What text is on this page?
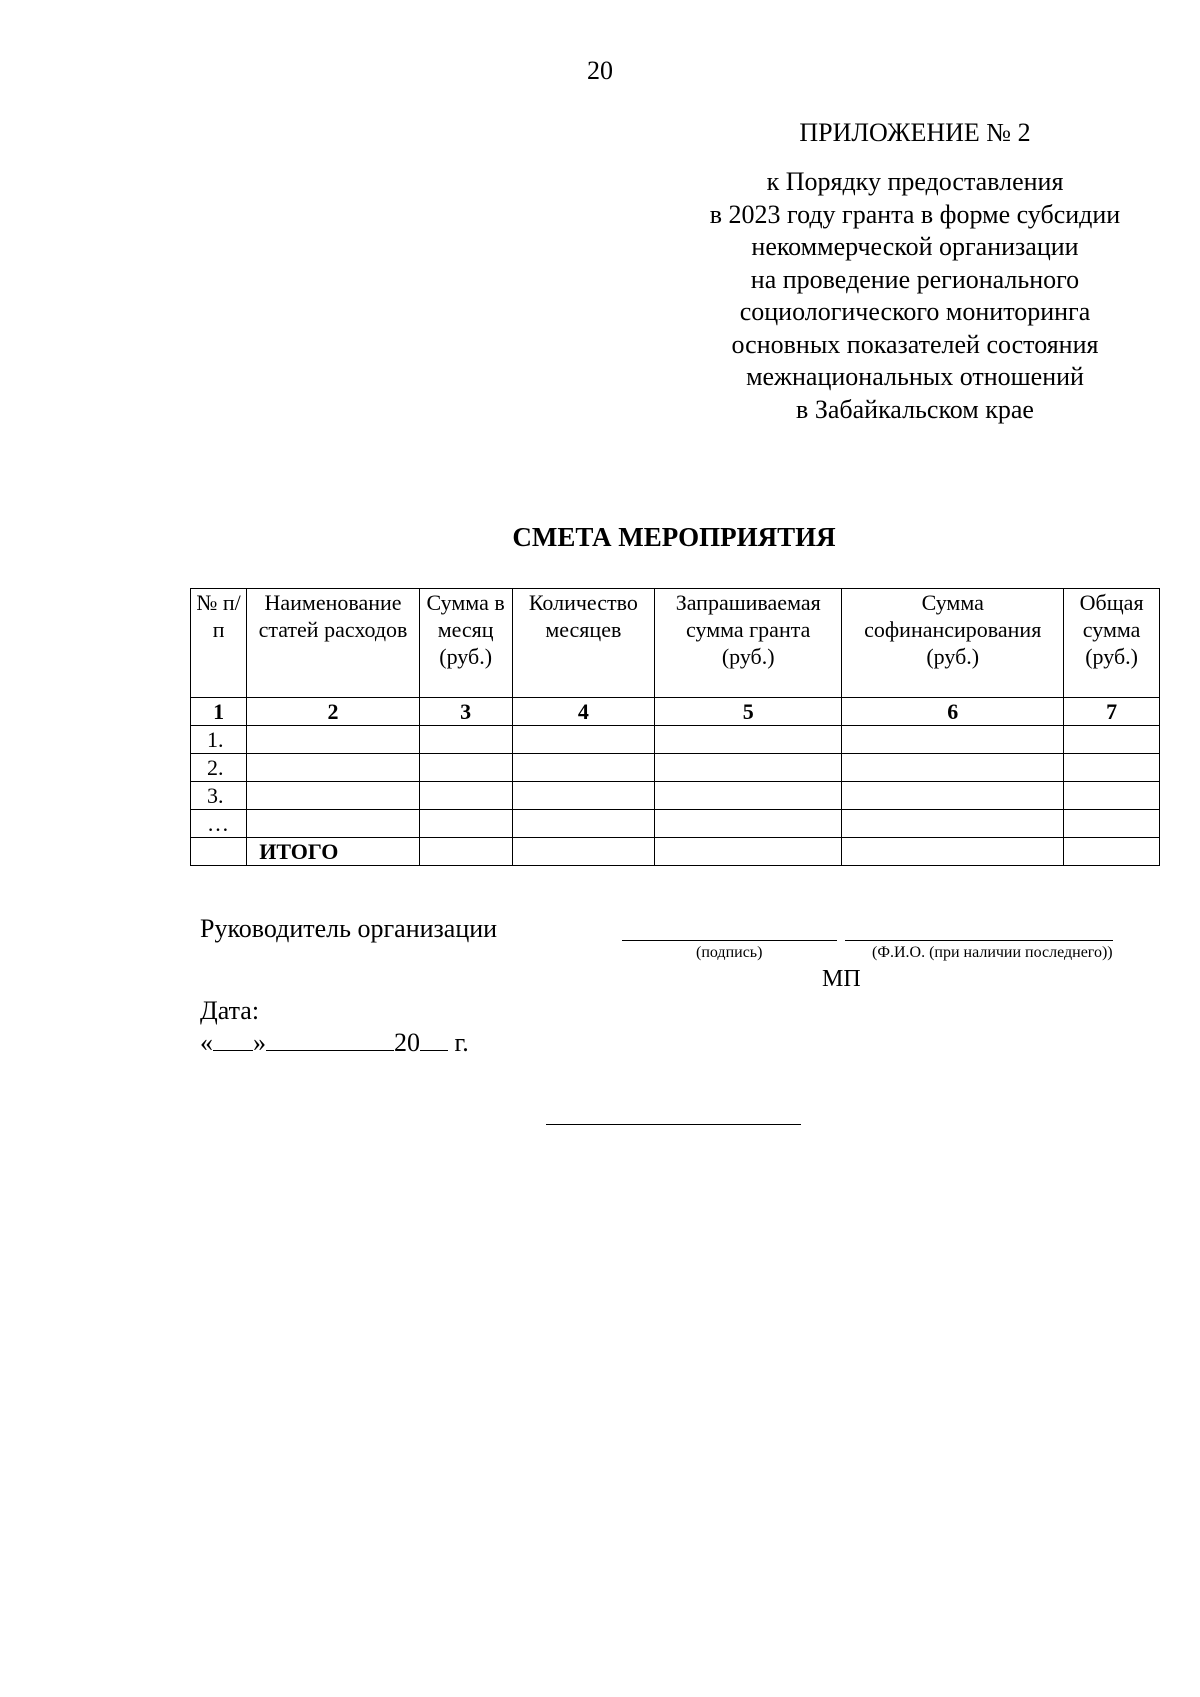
20
ПРИЛОЖЕНИЕ № 2
к Порядку предоставления
в 2023 году гранта в форме субсидии
некоммерческой организации
на проведение регионального
социологического мониторинга
основных показателей состояния
межнациональных отношений
в Забайкальском крае
СМЕТА МЕРОПРИЯТИЯ
№ п/п	Наименование статей расходов	Сумма в месяц (руб.)	Количество месяцев	Запрашиваемая сумма гранта (руб.)	Сумма софинансирования (руб.)	Общая сумма (руб.)
1	2	3	4	5	6	7
1.						
2.						
3.						
…						
	ИТОГО					
Руководитель организации
(подпись)	(Ф.И.О. (при наличии последнего))
МП
Дата:
« »	20 г.
